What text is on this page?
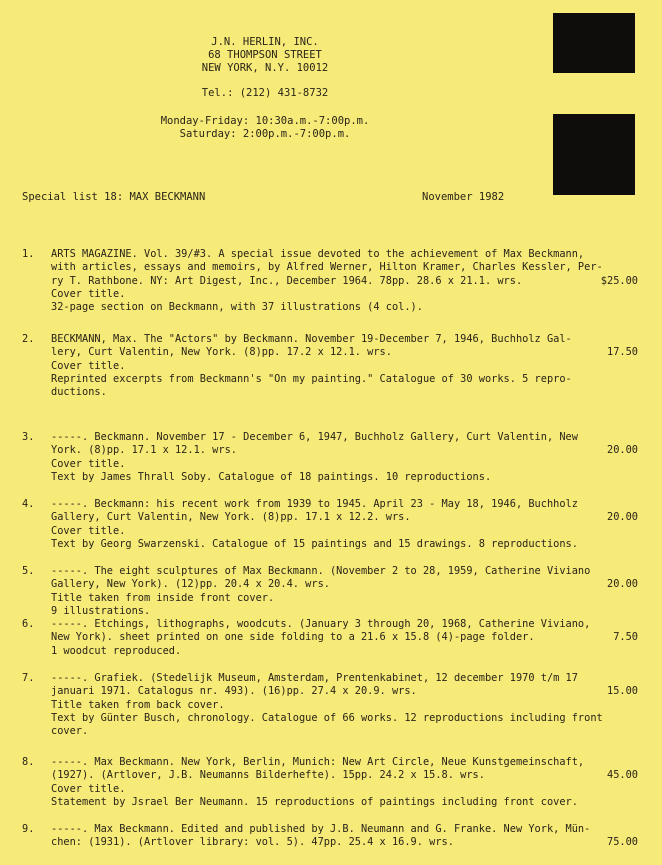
J.N. HERLIN, INC.
68 THOMPSON STREET
NEW YORK, N.Y. 10012
Tel.: (212) 431-8732
Monday-Friday: 10:30a.m.-7:00p.m.
Saturday: 2:00p.m.-7:00p.m.
Special list 18: MAX BECKMANN	November 1982
1. ARTS MAGAZINE. Vol. 39/#3. A special issue devoted to the achievement of Max Beckmann,
with articles, essays and memoirs, by Alfred Werner, Hilton Kramer, Charles Kessler, Per-
ry T. Rathbone. NY: Art Digest, Inc., December 1964. 78pp. 28.6 x 21.1. wrs.	$25.00
Cover title.
32-page section on Beckmann, with 37 illustrations (4 col.).
2. BECKMANN, Max. The "Actors" by Beckmann. November 19-December 7, 1946, Buchholz Gal-
lery, Curt Valentin, New York. (8)pp. 17.2 x 12.1. wrs.	17.50
Cover title.
Reprinted excerpts from Beckmann's "On my painting." Catalogue of 30 works. 5 repro-
ductions.
3. -----. Beckmann. November 17 - December 6, 1947, Buchholz Gallery, Curt Valentin, New
York. (8)pp. 17.1 x 12.1. wrs.	20.00
Cover title.
Text by James Thrall Soby. Catalogue of 18 paintings. 10 reproductions.
4. -----. Beckmann: his recent work from 1939 to 1945. April 23 - May 18, 1946, Buchholz
Gallery, Curt Valentin, New York. (8)pp. 17.1 x 12.2. wrs.	20.00
Cover title.
Text by Georg Swarzenski. Catalogue of 15 paintings and 15 drawings. 8 reproductions.
5. -----. The eight sculptures of Max Beckmann. (November 2 to 28, 1959, Catherine Viviano
Gallery, New York). (12)pp. 20.4 x 20.4. wrs.	20.00
Title taken from inside front cover.
9 illustrations.
6. -----. Etchings, lithographs, woodcuts. (January 3 through 20, 1968, Catherine Viviano,
New York). sheet printed on one side folding to a 21.6 x 15.8 (4)-page folder.	7.50
1 woodcut reproduced.
7. -----. Grafiek. (Stedelijk Museum, Amsterdam, Prentenkabinet, 12 december 1970 t/m 17
januari 1971. Catalogus nr. 493). (16)pp. 27.4 x 20.9. wrs.	15.00
Title taken from back cover.
Text by Günter Busch, chronology. Catalogue of 66 works. 12 reproductions including front
cover.
8. -----. Max Beckmann. New York, Berlin, Munich: New Art Circle, Neue Kunstgemeinschaft,
(1927). (Artlover, J.B. Neumanns Bilderhefte). 15pp. 24.2 x 15.8. wrs.	45.00
Cover title.
Statement by Jsrael Ber Neumann. 15 reproductions of paintings including front cover.
9. -----. Max Beckmann. Edited and published by J.B. Neumann and G. Franke. New York, Mün-
chen: (1931). (Artlover library: vol. 5). 47pp. 25.4 x 16.9. wrs.	75.00
